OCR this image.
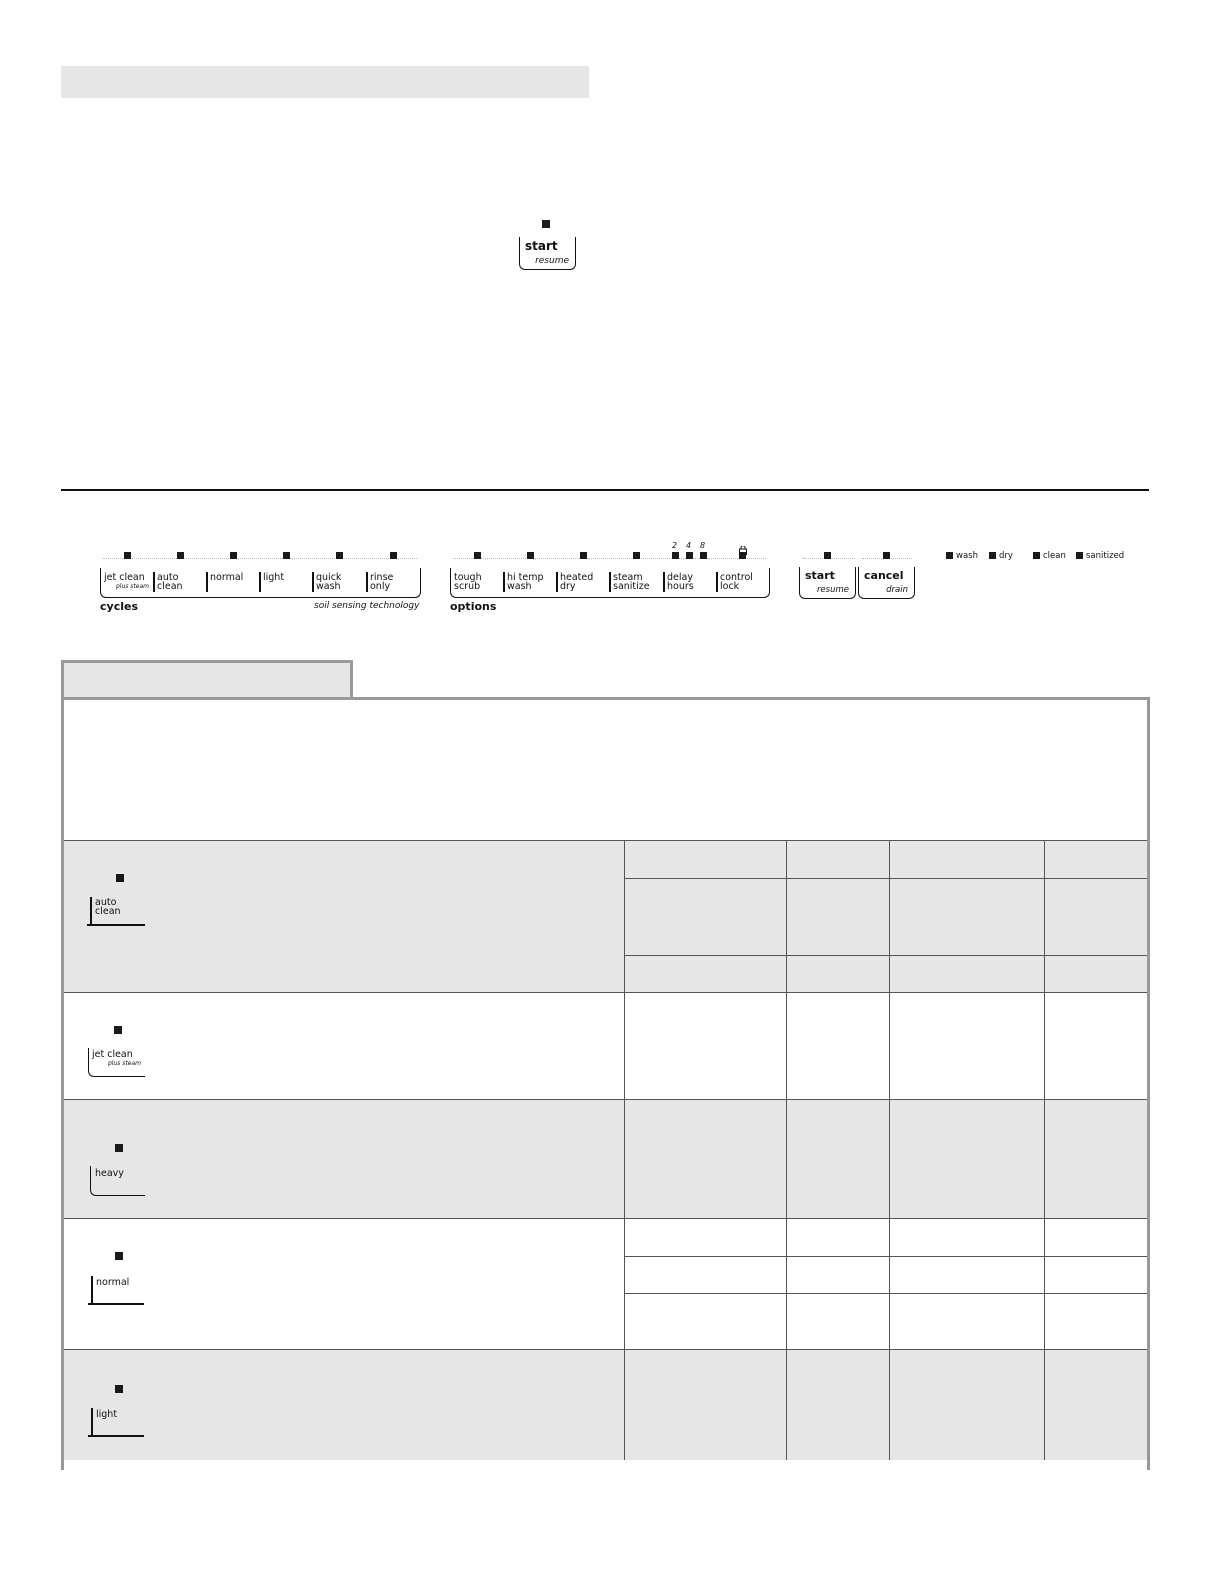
start
resume
jet clean
plus steam
auto
clean
normal light	quick
wash
rinse
only
cycles	soil sensing technology
2 4 8
tough
scrub
hi temp
wash
heated
dry
steam
sanitize
delay
hours
control
lock
options
start
resume
cancel
drain
wash	dry	clean	sanitized
auto
clean
jet clean
plus steam
heavy
normal
light
